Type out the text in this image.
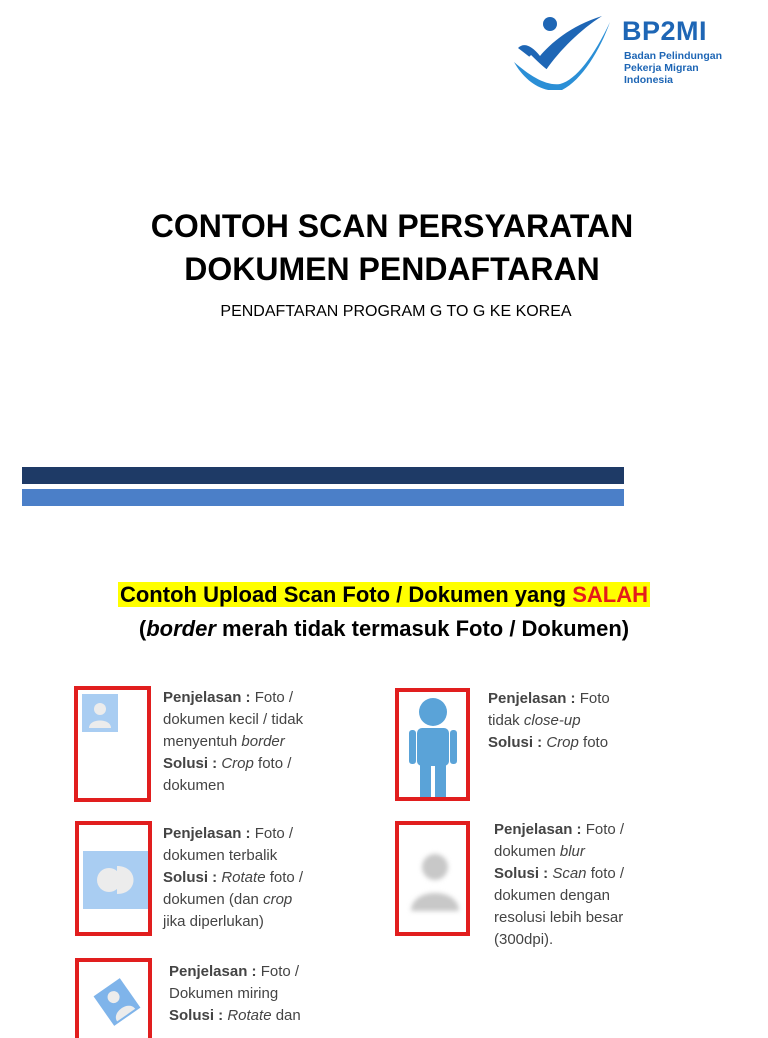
BP2MI
Badan Pelindungan
Pekerja Migran
Indonesia
CONTOH SCAN PERSYARATAN
DOKUMEN PENDAFTARAN
PENDAFTARAN PROGRAM G TO G KE KOREA
Contoh Upload Scan Foto / Dokumen yang SALAH
(border merah tidak termasuk Foto / Dokumen)
Penjelasan : Foto /
dokumen kecil / tidak
menyentuh border
Solusi : Crop foto /
dokumen
Penjelasan : Foto
tidak close-up
Solusi : Crop foto
Penjelasan : Foto /
dokumen terbalik
Solusi : Rotate foto /
dokumen (dan crop
jika diperlukan)
Penjelasan : Foto /
dokumen blur
Solusi : Scan foto /
dokumen dengan
resolusi lebih besar
(300dpi).
Penjelasan : Foto /
Dokumen miring
Solusi : Rotate dan
